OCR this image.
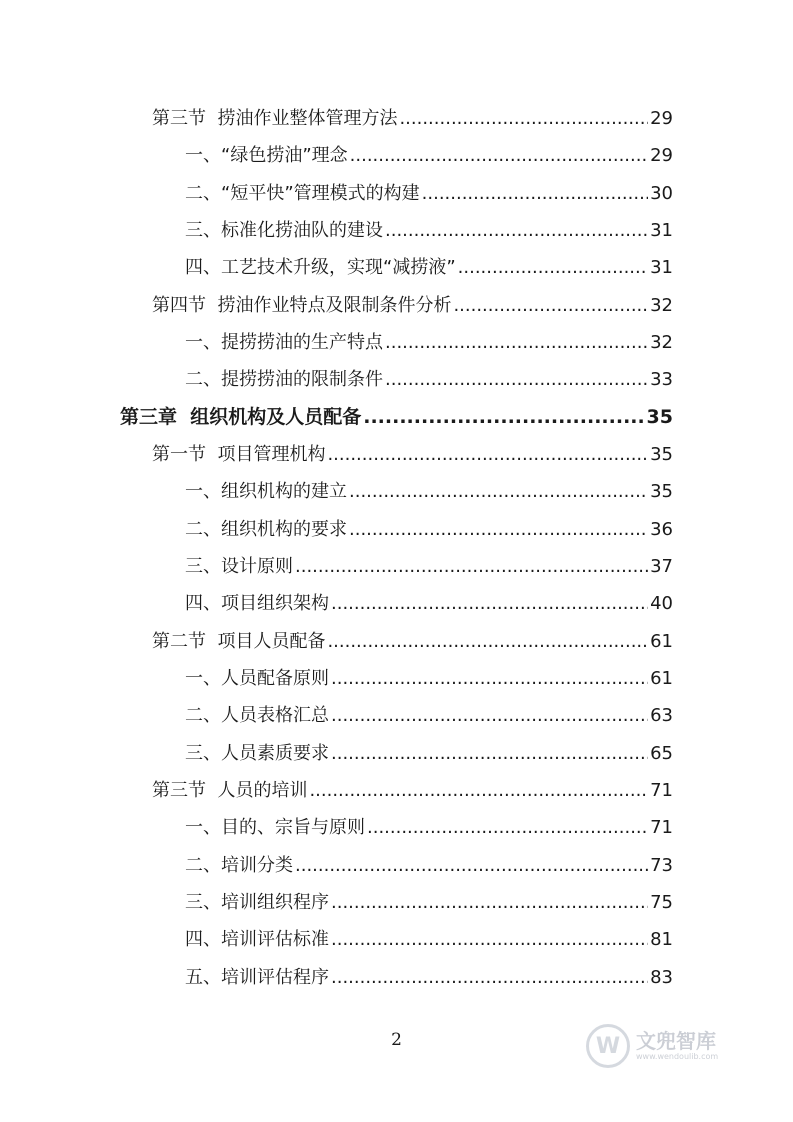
第三节  捞油作业整体管理方法 .....	29
一、“绿色捞油”理念 .....	29
二、“短平快”管理模式的构建 .....	30
三、标准化捞油队的建设 .....	31
四、工艺技术升级，实现“减捞液” .....	31
第四节  捞油作业特点及限制条件分析 .....	32
一、提捞捞油的生产特点 .....	32
二、提捞捞油的限制条件 .....	33
第三章  组织机构及人员配备 .....	35
第一节  项目管理机构 .....	35
一、组织机构的建立 .....	35
二、组织机构的要求 .....	36
三、设计原则 .....	37
四、项目组织架构 .....	40
第二节  项目人员配备 .....	61
一、人员配备原则 .....	61
二、人员表格汇总 .....	63
三、人员素质要求 .....	65
第三节  人员的培训 .....	71
一、目的、宗旨与原则 .....	71
二、培训分类 .....	73
三、培训组织程序 .....	75
四、培训评估标准 .....	81
五、培训评估程序 .....	83
2	W 文兜智库
www.wendoulib.com
